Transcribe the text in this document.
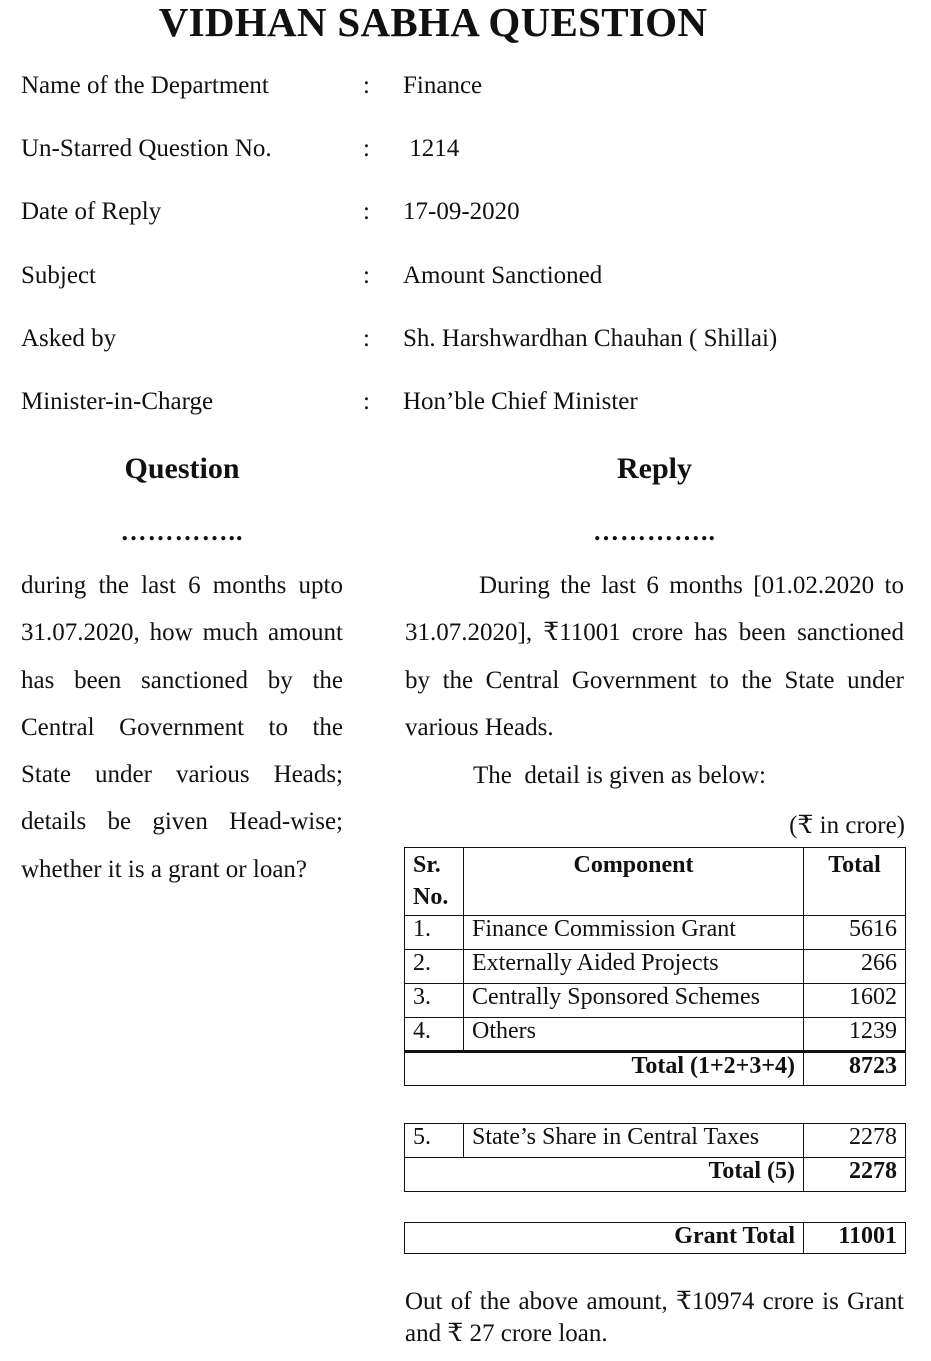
VIDHAN SABHA QUESTION
Name of the Department	: Finance
Un-Starred Question No.	: 1214
Date of Reply	: 17-09-2020
Subject	: Amount Sanctioned
Asked by	: Sh. Harshwardhan Chauhan ( Shillai)
Minister-in-Charge	: Hon’ble Chief Minister
Question	Reply
…………..	…………..

during the last 6 months upto 31.07.2020, how much amount has been sanctioned by the Central Government to the State under various Heads; details be given Head-wise; whether it is a grant or loan?

During the last 6 months [01.02.2020 to 31.07.2020], ₹11001 crore has been sanctioned by the Central Government to the State under various Heads.

The  detail is given as below:
(₹ in crore)
Sr. No.	Component	Total
1.	Finance Commission Grant	5616
2.	Externally Aided Projects	266
3.	Centrally Sponsored Schemes	1602
4.	Others	1239
Total (1+2+3+4)		8723
5.	State’s Share in Central Taxes	2278
Total (5)		2278
Grant Total	11001

Out of the above amount, ₹10974 crore is Grant and ₹ 27 crore loan.
